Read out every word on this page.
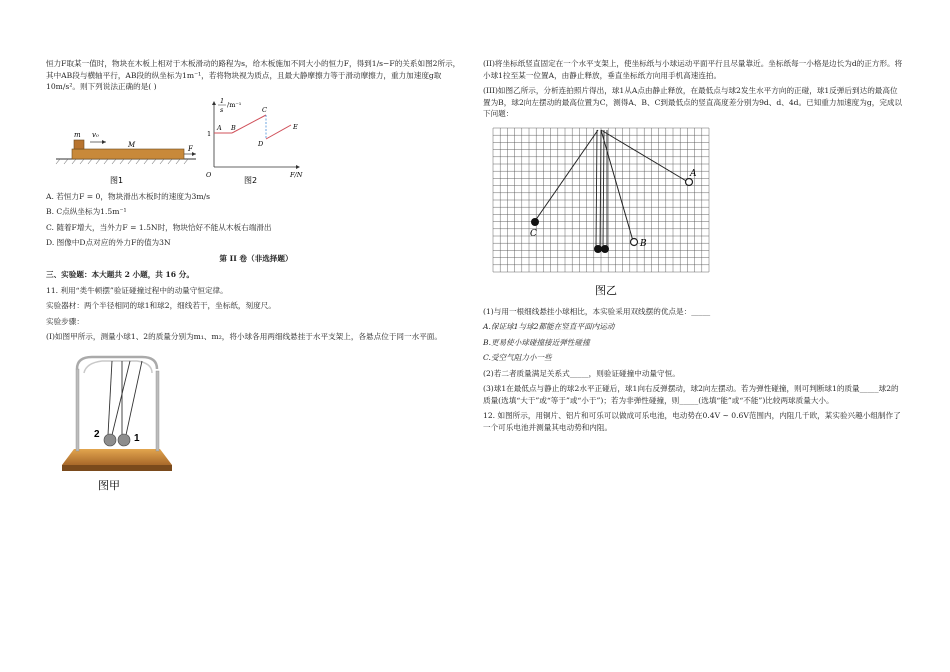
恒力F取某一值时，物块在木板上相对于木板滑动的路程为s，给木板施加不同大小的恒力F，得到1/s−F的关系如图2所示，其中AB段与横轴平行，AB段的纵坐标为1m⁻¹，若将物块视为质点，且最大静摩擦力等于滑动摩擦力，重力加速度g取10m/s²。则下列说法正确的是( )

m v₀
M	F
图1
1
s
/m⁻¹
1
A B
C
D
E
O	F/N
图2

A. 若恒力F = 0，物块滑出木板时的速度为3m/s

B. C点纵坐标为1.5m⁻¹

C. 随着F增大，当外力F = 1.5N时，物块恰好不能从木板右端滑出

D. 图像中D点对应的外力F的值为3N

第 II 卷（非选择题）

三、实验题：本大题共 2 小题，共 16 分。

11. 利用“类牛顿摆”验证碰撞过程中的动量守恒定律。

实验器材：两个半径相同的球1和球2，细线若干，坐标纸，刻度尺。

实验步骤：

(I)如图甲所示，测量小球1、2的质量分别为m₁、m₂，将小球各用两细线悬挂于水平支架上，各悬点位于同一水平面。

2	1
图甲

(II)将坐标纸竖直固定在一个水平支架上，使坐标纸与小球运动平面平行且尽量靠近。坐标纸每一小格是边长为d的正方形。将小球1拉至某一位置A，由静止释放，垂直坐标纸方向用手机高速连拍。

(III)如图乙所示，分析连拍照片得出，球1从A点由静止释放，在最低点与球2发生水平方向的正碰，球1反弹后到达的最高位置为B，球2向左摆动的最高位置为C，测得A、B、C到最低点的竖直高度差分别为9d、d、4d。已知重力加速度为g，完成以下问题：

C
A
B
图乙

(1)与用一根细线悬挂小球相比，本实验采用双线摆的优点是：_____

A.保证球1与球2都能在竖直平面内运动

B.更易使小球碰撞接近弹性碰撞

C.受空气阻力小一些

(2)若二者质量满足关系式_____，则验证碰撞中动量守恒。

(3)球1在最低点与静止的球2水平正碰后，球1向右反弹摆动，球2向左摆动。若为弹性碰撞，则可判断球1的质量_____球2的质量(选填“大于”或“等于”或“小于”)；若为非弹性碰撞，则_____(选填“能”或“不能”)比较两球质量大小。

12. 如图所示，用铜片、铝片和可乐可以做成可乐电池，电动势在0.4V ~ 0.6V范围内，内阻几千欧，某实验兴趣小组制作了一个可乐电池并测量其电动势和内阻。
